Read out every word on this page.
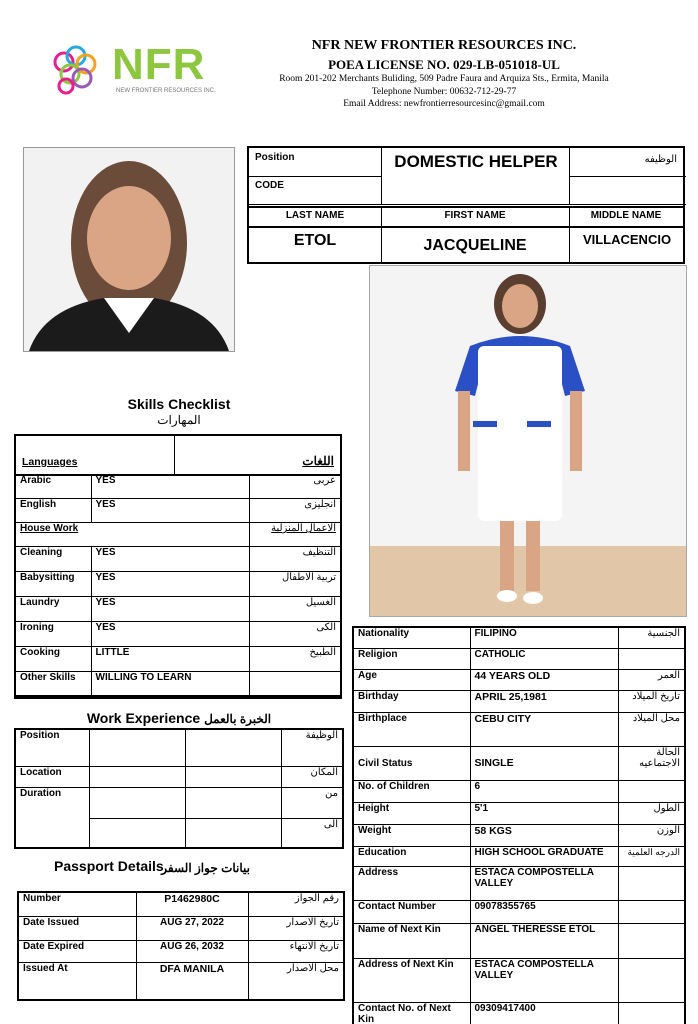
NFR
NEW FRONTIER RESOURCES INC.
NFR NEW FRONTIER RESOURCES INC.
POEA LICENSE NO. 029-LB-051018-UL
Room 201-202 Merchants Buliding, 509 Padre Faura and Arquiza Sts., Ermita, Manila
Telephone Number: 00632-712-29-77
Email Address: newfrontierresourcesinc@gmail.com
Position	DOMESTIC HELPER	الوظيفه
CODE
LAST NAME	FIRST NAME	MIDDLE NAME
ETOL	JACQUELINE	VILLACENCIO
Skills Checklist
المهارات
Languages	اللغات
Arabic	YES	عربى
English	YES	انجليزى
House Work		الاعمال المنزلية
Cleaning	YES	التنظيف
Babysitting	YES	تربية الاطفال
Laundry	YES	الغسيل
Ironing	YES	الكى
Cooking	LITTLE	الطبيخ
Other Skills	WILLING TO LEARN	
Work Experience الخبرة بالعمل
Position			الوظيفة
Location			المكان
Duration			من
			الى
Passport Details
بيانات جواز السفر
Number	P1462980C	رقم الجواز
Date Issued	AUG 27, 2022	تاريخ الاصدار
Date Expired	AUG 26, 2032	تاريخ الانتهاء
Issued At	DFA MANILA	محل الاصدار
Nationality	FILIPINO	الجنسية
Religion	CATHOLIC	
Age	44 YEARS OLD	العمر
Birthday	APRIL 25,1981	تاريخ الميلاد
Birthplace	CEBU CITY	محل الميلاد
Civil Status	SINGLE	الحالة الاجتماعيه
No. of Children	6	
Height	5'1	الطول
Weight	58 KGS	الوزن
Education	HIGH SCHOOL GRADUATE	الدرجه العلمية
Address	ESTACA COMPOSTELLA VALLEY	
Contact Number	09078355765	
Name of Next Kin	ANGEL THERESSE ETOL	
Address of Next Kin	ESTACA COMPOSTELLA VALLEY	
Contact No. of Next Kin	09309417400	
